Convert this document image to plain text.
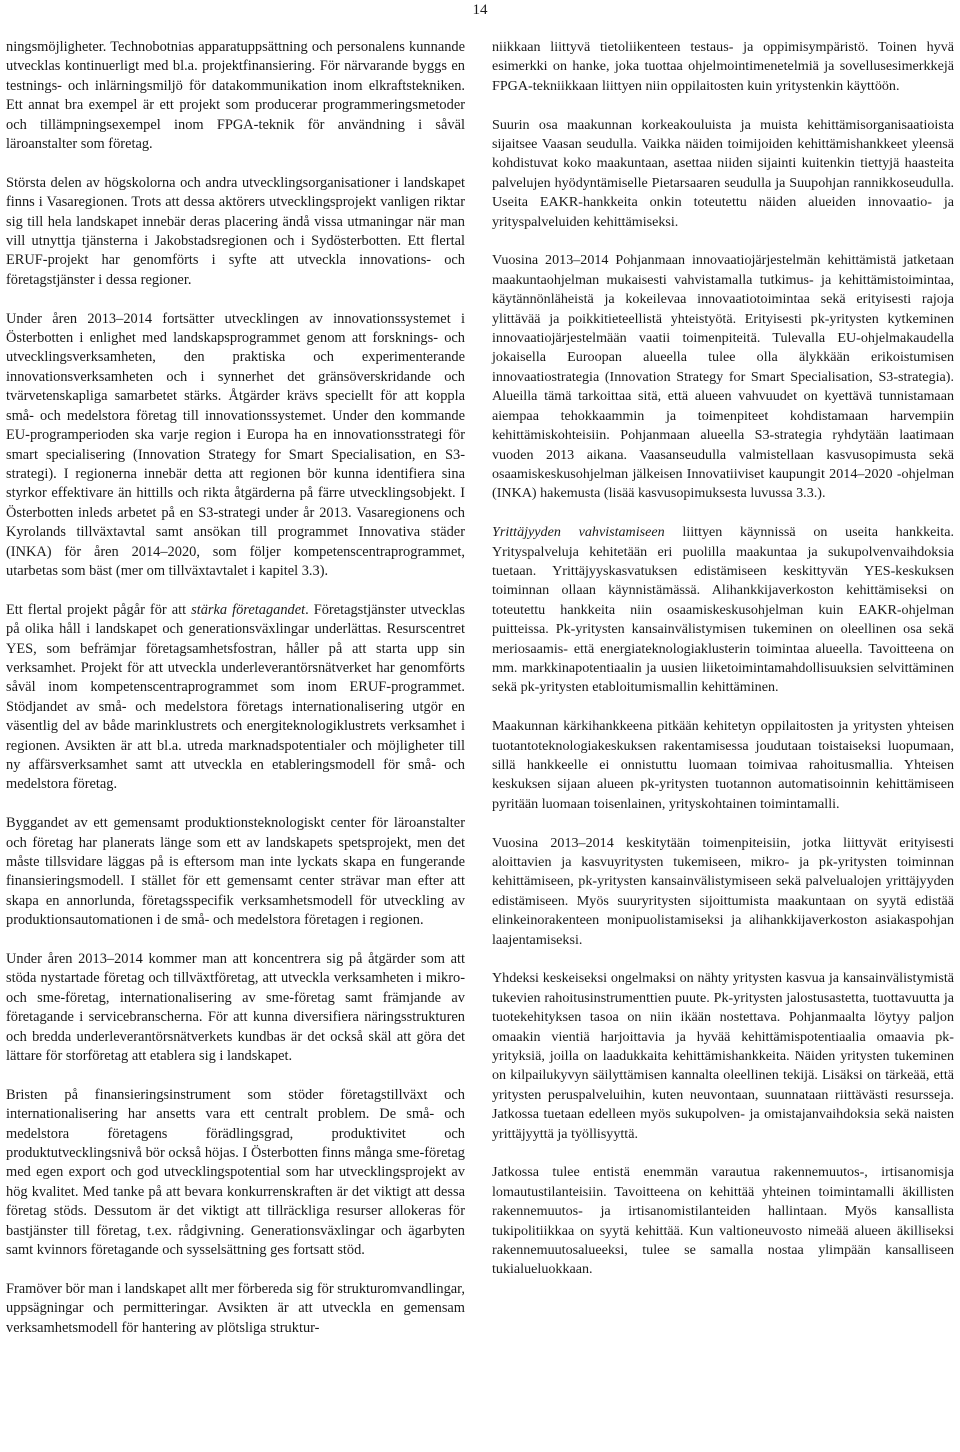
14

ningsmöjligheter. Technobotnias apparatuppsättning och personalens kunnande utvecklas kontinuerligt med bl.a. projektfinansiering. För närvarande byggs en testnings- och inlärningsmiljö för datakommunikation inom elkraftstekniken. Ett annat bra exempel är ett projekt som producerar programmeringsmetoder och tillämpningsexempel inom FPGA-teknik för användning i såväl läroanstalter som företag.

Största delen av högskolorna och andra utvecklingsorganisationer i landskapet finns i Vasaregionen. Trots att dessa aktörers utvecklingsprojekt vanligen riktar sig till hela landskapet innebär deras placering ändå vissa utmaningar när man vill utnyttja tjänsterna i Jakobstadsregionen och i Sydösterbotten. Ett flertal ERUF-projekt har genomförts i syfte att utveckla innovations- och företagstjänster i dessa regioner.

Under åren 2013–2014 fortsätter utvecklingen av innovationssystemet i Österbotten i enlighet med landskapsprogrammet genom att forsknings- och utvecklingsverksamheten, den praktiska och experimenterande innovationsverksamheten och i synnerhet det gränsöverskridande och tvärvetenskapliga samarbetet stärks. Åtgärder krävs speciellt för att koppla små- och medelstora företag till innovationssystemet. Under den kommande EU-programperioden ska varje region i Europa ha en innovationsstrategi för smart specialisering (Innovation Strategy for Smart Specialisation, en S3-strategi). I regionerna innebär detta att regionen bör kunna identifiera sina styrkor effektivare än hittills och rikta åtgärderna på färre utvecklingsobjekt. I Österbotten inleds arbetet på en S3-strategi under år 2013. Vasaregionens och Kyrolands tillväxtavtal samt ansökan till programmet Innovativa städer (INKA) för åren 2014–2020, som följer kompetenscentraprogrammet, utarbetas som bäst (mer om tillväxtavtalet i kapitel 3.3).

Ett flertal projekt pågår för att stärka företagandet. Företagstjänster utvecklas på olika håll i landskapet och generationsväxlingar underlättas. Resurscentret YES, som befrämjar företagsamhetsfostran, håller på att starta upp sin verksamhet. Projekt för att utveckla underleverantörsnätverket har genomförts såväl inom kompetenscentraprogrammet som inom ERUF-programmet. Stödjandet av små- och medelstora företags internationalisering utgör en väsentlig del av både marinklustrets och energiteknologiklustrets verksamhet i regionen. Avsikten är att bl.a. utreda marknadspotentialer och möjligheter till ny affärsverksamhet samt att utveckla en etableringsmodell för små- och medelstora företag.

Byggandet av ett gemensamt produktionsteknologiskt center för läroanstalter och företag har planerats länge som ett av landskapets spetsprojekt, men det måste tillsvidare läggas på is eftersom man inte lyckats skapa en fungerande finansieringsmodell. I stället för ett gemensamt center strävar man efter att skapa en annorlunda, företagsspecifik verksamhetsmodell för utveckling av produktionsautomationen i de små- och medelstora företagen i regionen.

Under åren 2013–2014 kommer man att koncentrera sig på åtgärder som att stöda nystartade företag och tillväxtföretag, att utveckla verksamheten i mikro- och sme-företag, internationalisering av sme-företag samt främjande av företagande i servicebranscherna. För att kunna diversifiera näringsstrukturen och bredda underleverantörsnätverkets kundbas är det också skäl att göra det lättare för storföretag att etablera sig i landskapet.

Bristen på finansieringsinstrument som stöder företagstillväxt och internationalisering har ansetts vara ett centralt problem. De små- och medelstora företagens förädlingsgrad, produktivitet och produktutvecklingsnivå bör också höjas. I Österbotten finns många sme-företag med egen export och god utvecklingspotential som har utvecklingsprojekt av hög kvalitet. Med tanke på att bevara konkurrenskraften är det viktigt att dessa företag stöds. Dessutom är det viktigt att tillräckliga resurser allokeras för bastjänster till företag, t.ex. rådgivning. Generationsväxlingar och ägarbyten samt kvinnors företagande och sysselsättning ges fortsatt stöd.

Framöver bör man i landskapet allt mer förbereda sig för strukturomvandlingar, uppsägningar och permitteringar. Avsikten är att utveckla en gemensam verksamhetsmodell för hantering av plötsliga struktur-

niikkaan liittyvä tietoliikenteen testaus- ja oppimisympäristö. Toinen hyvä esimerkki on hanke, joka tuottaa ohjelmointimenetelmiä ja sovellusesimerkkejä FPGA-tekniikkaan liittyen niin oppilaitosten kuin yritystenkin käyttöön.

Suurin osa maakunnan korkeakouluista ja muista kehittämisorganisaatioista sijaitsee Vaasan seudulla. Vaikka näiden toimijoiden kehittämishankkeet yleensä kohdistuvat koko maakuntaan, asettaa niiden sijainti kuitenkin tiettyjä haasteita palvelujen hyödyntämiselle Pietarsaaren seudulla ja Suupohjan rannikkoseudulla. Useita EAKR-hankkeita onkin toteutettu näiden alueiden innovaatio- ja yrityspalveluiden kehittämiseksi.

Vuosina 2013–2014 Pohjanmaan innovaatiojärjestelmän kehittämistä jatketaan maakuntaohjelman mukaisesti vahvistamalla tutkimus- ja kehittämistoimintaa, käytännönläheistä ja kokeilevaa innovaatiotoimintaa sekä erityisesti rajoja ylittävää ja poikkitieteellistä yhteistyötä. Erityisesti pk-yritysten kytkeminen innovaatiojärjestelmään vaatii toimenpiteitä. Tulevalla EU-ohjelmakaudella jokaisella Euroopan alueella tulee olla älykkään erikoistumisen innovaatiostrategia (Innovation Strategy for Smart Specialisation, S3-strategia). Alueilla tämä tarkoittaa sitä, että alueen vahvuudet on kyettävä tunnistamaan aiempaa tehokkaammin ja toimenpiteet kohdistamaan harvempiin kehittämiskohteisiin. Pohjanmaan alueella S3-strategia ryhdytään laatimaan vuoden 2013 aikana. Vaasanseudulla valmistellaan kasvusopimusta sekä osaamiskeskusohjelman jälkeisen Innovatiiviset kaupungit 2014–2020 -ohjelman (INKA) hakemusta (lisää kasvusopimuksesta luvussa 3.3.).

Yrittäjyyden vahvistamiseen liittyen käynnissä on useita hankkeita. Yrityspalveluja kehitetään eri puolilla maakuntaa ja sukupolvenvaihdoksia tuetaan. Yrittäjyyskasvatuksen edistämiseen keskittyvän YES-keskuksen toiminnan ollaan käynnistämässä. Alihankkijaverkoston kehittämiseksi on toteutettu hankkeita niin osaamiskeskusohjelman kuin EAKR-ohjelman puitteissa. Pk-yritysten kansainvälistymisen tukeminen on oleellinen osa sekä meriosaamis- että energiateknologiaklusterin toimintaa alueella. Tavoitteena on mm. markkinapotentiaalin ja uusien liiketoimintamahdollisuuksien selvittäminen sekä pk-yritysten etabloitumismallin kehittäminen.

Maakunnan kärkihankkeena pitkään kehitetyn oppilaitosten ja yritysten yhteisen tuotantoteknologiakeskuksen rakentamisessa joudutaan toistaiseksi luopumaan, sillä hankkeelle ei onnistuttu luomaan toimivaa rahoitusmallia. Yhteisen keskuksen sijaan alueen pk-yritysten tuotannon automatisoinnin kehittämiseen pyritään luomaan toisenlainen, yrityskohtainen toimintamalli.

Vuosina 2013–2014 keskitytään toimenpiteisiin, jotka liittyvät erityisesti aloittavien ja kasvuyritysten tukemiseen, mikro- ja pk-yritysten toiminnan kehittämiseen, pk-yritysten kansainvälistymiseen sekä palvelualojen yrittäjyyden edistämiseen. Myös suuryritysten sijoittumista maakuntaan on syytä edistää elinkeinorakenteen monipuolistamiseksi ja alihankkijaverkoston asiakaspohjan laajentamiseksi.

Yhdeksi keskeiseksi ongelmaksi on nähty yritysten kasvua ja kansainvälistymistä tukevien rahoitusinstrumenttien puute. Pk-yritysten jalostusastetta, tuottavuutta ja tuotekehityksen tasoa on niin ikään nostettava. Pohjanmaalta löytyy paljon omaakin vientiä harjoittavia ja hyvää kehittämispotentiaalia omaavia pk-yrityksiä, joilla on laadukkaita kehittämishankkeita. Näiden yritysten tukeminen on kilpailukyvyn säilyttämisen kannalta oleellinen tekijä. Lisäksi on tärkeää, että yritysten peruspalveluihin, kuten neuvontaan, suunnataan riittävästi resursseja. Jatkossa tuetaan edelleen myös sukupolven- ja omistajanvaihdoksia sekä naisten yrittäjyyttä ja työllisyyttä.

Jatkossa tulee entistä enemmän varautua rakennemuutos-, irtisanomisja lomautustilanteisiin. Tavoitteena on kehittää yhteinen toimintamalli äkillisten rakennemuutos- ja irtisanomistilanteiden hallintaan. Myös kansallista tukipolitiikkaa on syytä kehittää. Kun valtioneuvosto nimeää alueen äkilliseksi rakennemuutosalueeksi, tulee se samalla nostaa ylimpään kansalliseen tukialueluokkaan.
